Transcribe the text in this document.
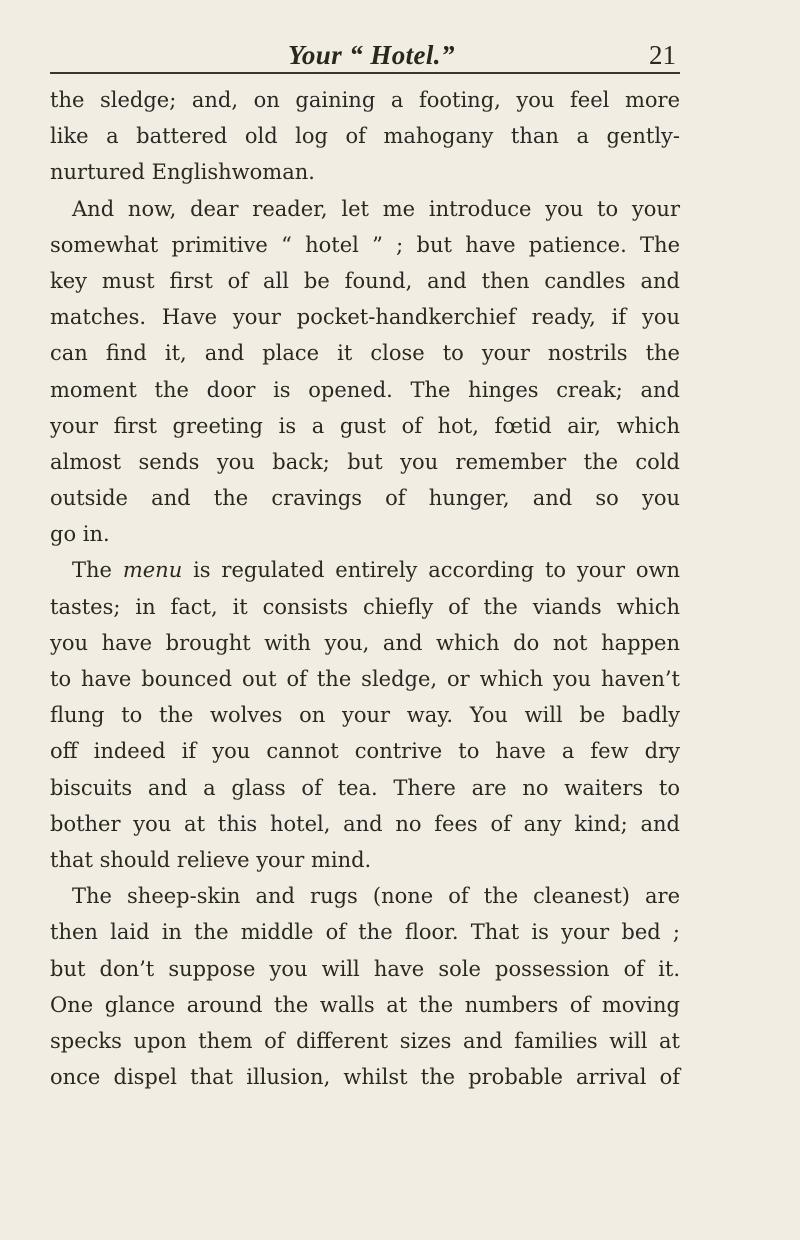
Your “ Hotel.”	21
the sledge; and, on gaining a footing, you feel more
like a battered old log of mahogany than a gently-
nurtured Englishwoman.
And now, dear reader, let me introduce you to your
somewhat primitive “ hotel ” ; but have patience. The
key must first of all be found, and then candles and
matches. Have your pocket-handkerchief ready, if you
can find it, and place it close to your nostrils the
moment the door is opened. The hinges creak; and
your first greeting is a gust of hot, fœtid air, which
almost sends you back; but you remember the cold
outside and the cravings of hunger, and so you
go in.
The menu is regulated entirely according to your own
tastes; in fact, it consists chiefly of the viands which
you have brought with you, and which do not happen
to have bounced out of the sledge, or which you haven’t
flung to the wolves on your way. You will be badly
off indeed if you cannot contrive to have a few dry
biscuits and a glass of tea. There are no waiters to
bother you at this hotel, and no fees of any kind; and
that should relieve your mind.
The sheep-skin and rugs (none of the cleanest) are
then laid in the middle of the floor. That is your bed ;
but don’t suppose you will have sole possession of it.
One glance around the walls at the numbers of moving
specks upon them of different sizes and families will at
once dispel that illusion, whilst the probable arrival of
